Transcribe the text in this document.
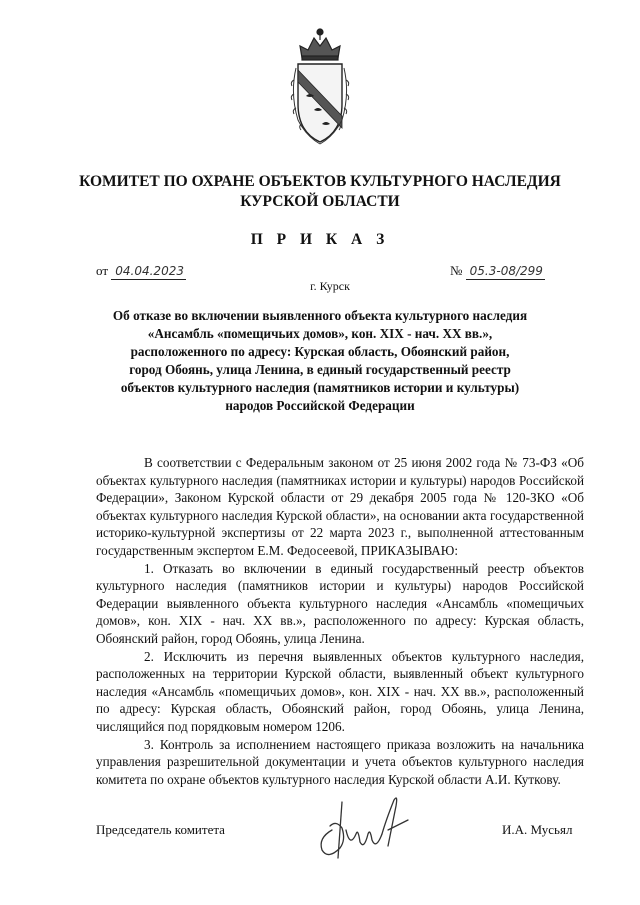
КОМИТЕТ ПО ОХРАНЕ ОБЪЕКТОВ КУЛЬТУРНОГО НАСЛЕДИЯ
КУРСКОЙ ОБЛАСТИ
П Р И К А З
от 04.04.2023	№ 05.3-08/299
г. Курск
Об отказе во включении выявленного объекта культурного наследия
«Ансамбль «помещичьих домов», кон. XIX - нач. XX вв.»,
расположенного по адресу: Курская область, Обоянский район,
город Обоянь, улица Ленина, в единый государственный реестр
объектов культурного наследия (памятников истории и культуры)
народов Российской Федерации

В соответствии с Федеральным законом от 25 июня 2002 года № 73-ФЗ «Об объектах культурного наследия (памятниках истории и культуры) народов Российской Федерации», Законом Курской области от 29 декабря 2005 года № 120-ЗКО «Об объектах культурного наследия Курской области», на основании акта государственной историко-культурной экспертизы от 22 марта 2023 г., выполненной аттестованным государственным экспертом Е.М. Федосеевой, ПРИКАЗЫВАЮ:

1. Отказать во включении в единый государственный реестр объектов культурного наследия (памятников истории и культуры) народов Российской Федерации выявленного объекта культурного наследия «Ансамбль «помещичьих домов», кон. XIX - нач. XX вв.», расположенного по адресу: Курская область, Обоянский район, город Обоянь, улица Ленина.

2. Исключить из перечня выявленных объектов культурного наследия, расположенных на территории Курской области, выявленный объект культурного наследия «Ансамбль «помещичьих домов», кон. XIX - нач. XX вв.», расположенный по адресу: Курская область, Обоянский район, город Обоянь, улица Ленина, числящийся под порядковым номером 1206.

3. Контроль за исполнением настоящего приказа возложить на начальника управления разрешительной документации и учета объектов культурного наследия комитета по охране объектов культурного наследия Курской области А.И. Куткову.

Председатель комитета	И.А. Мусьял
